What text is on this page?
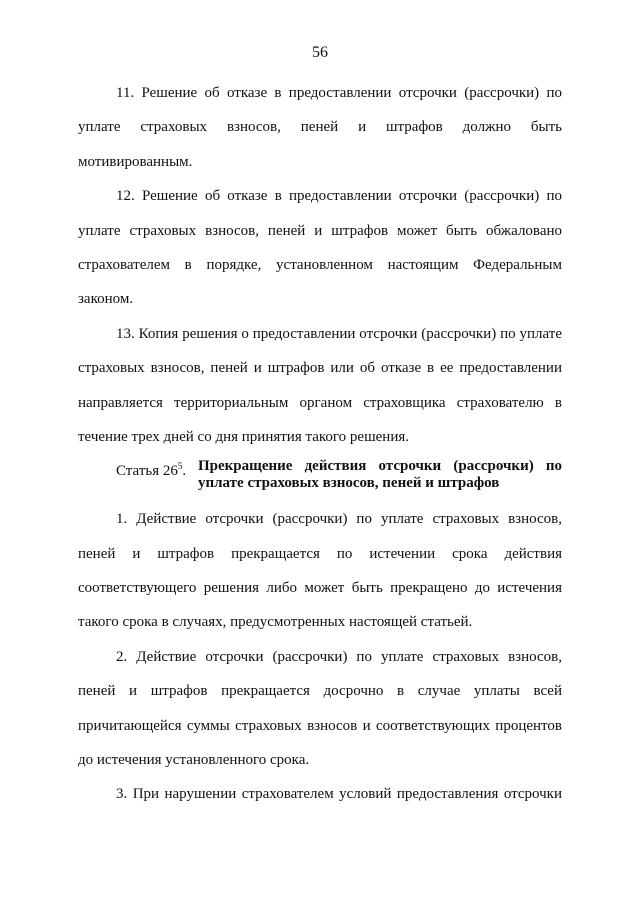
56
11. Решение об отказе в предоставлении отсрочки (рассрочки) по
уплате страховых взносов, пеней и штрафов должно быть
мотивированным.
12. Решение об отказе в предоставлении отсрочки (рассрочки) по
уплате страховых взносов, пеней и штрафов может быть обжаловано
страхователем в порядке, установленном настоящим Федеральным
законом.
13. Копия решения о предоставлении отсрочки (рассрочки) по уплате
страховых взносов, пеней и штрафов или об отказе в ее предоставлении
направляется территориальным органом страховщика страхователю в
течение трех дней со дня принятия такого решения.
Статья $26^5$. Прекращение действия отсрочки (рассрочки) по
уплате страховых взносов, пеней и штрафов
1. Действие отсрочки (рассрочки) по уплате страховых взносов,
пеней и штрафов прекращается по истечении срока действия
соответствующего решения либо может быть прекращено до истечения
такого срока в случаях, предусмотренных настоящей статьей.
2. Действие отсрочки (рассрочки) по уплате страховых взносов,
пеней и штрафов прекращается досрочно в случае уплаты всей
причитающейся суммы страховых взносов и соответствующих процентов
до истечения установленного срока.
3. При нарушении страхователем условий предоставления отсрочки
